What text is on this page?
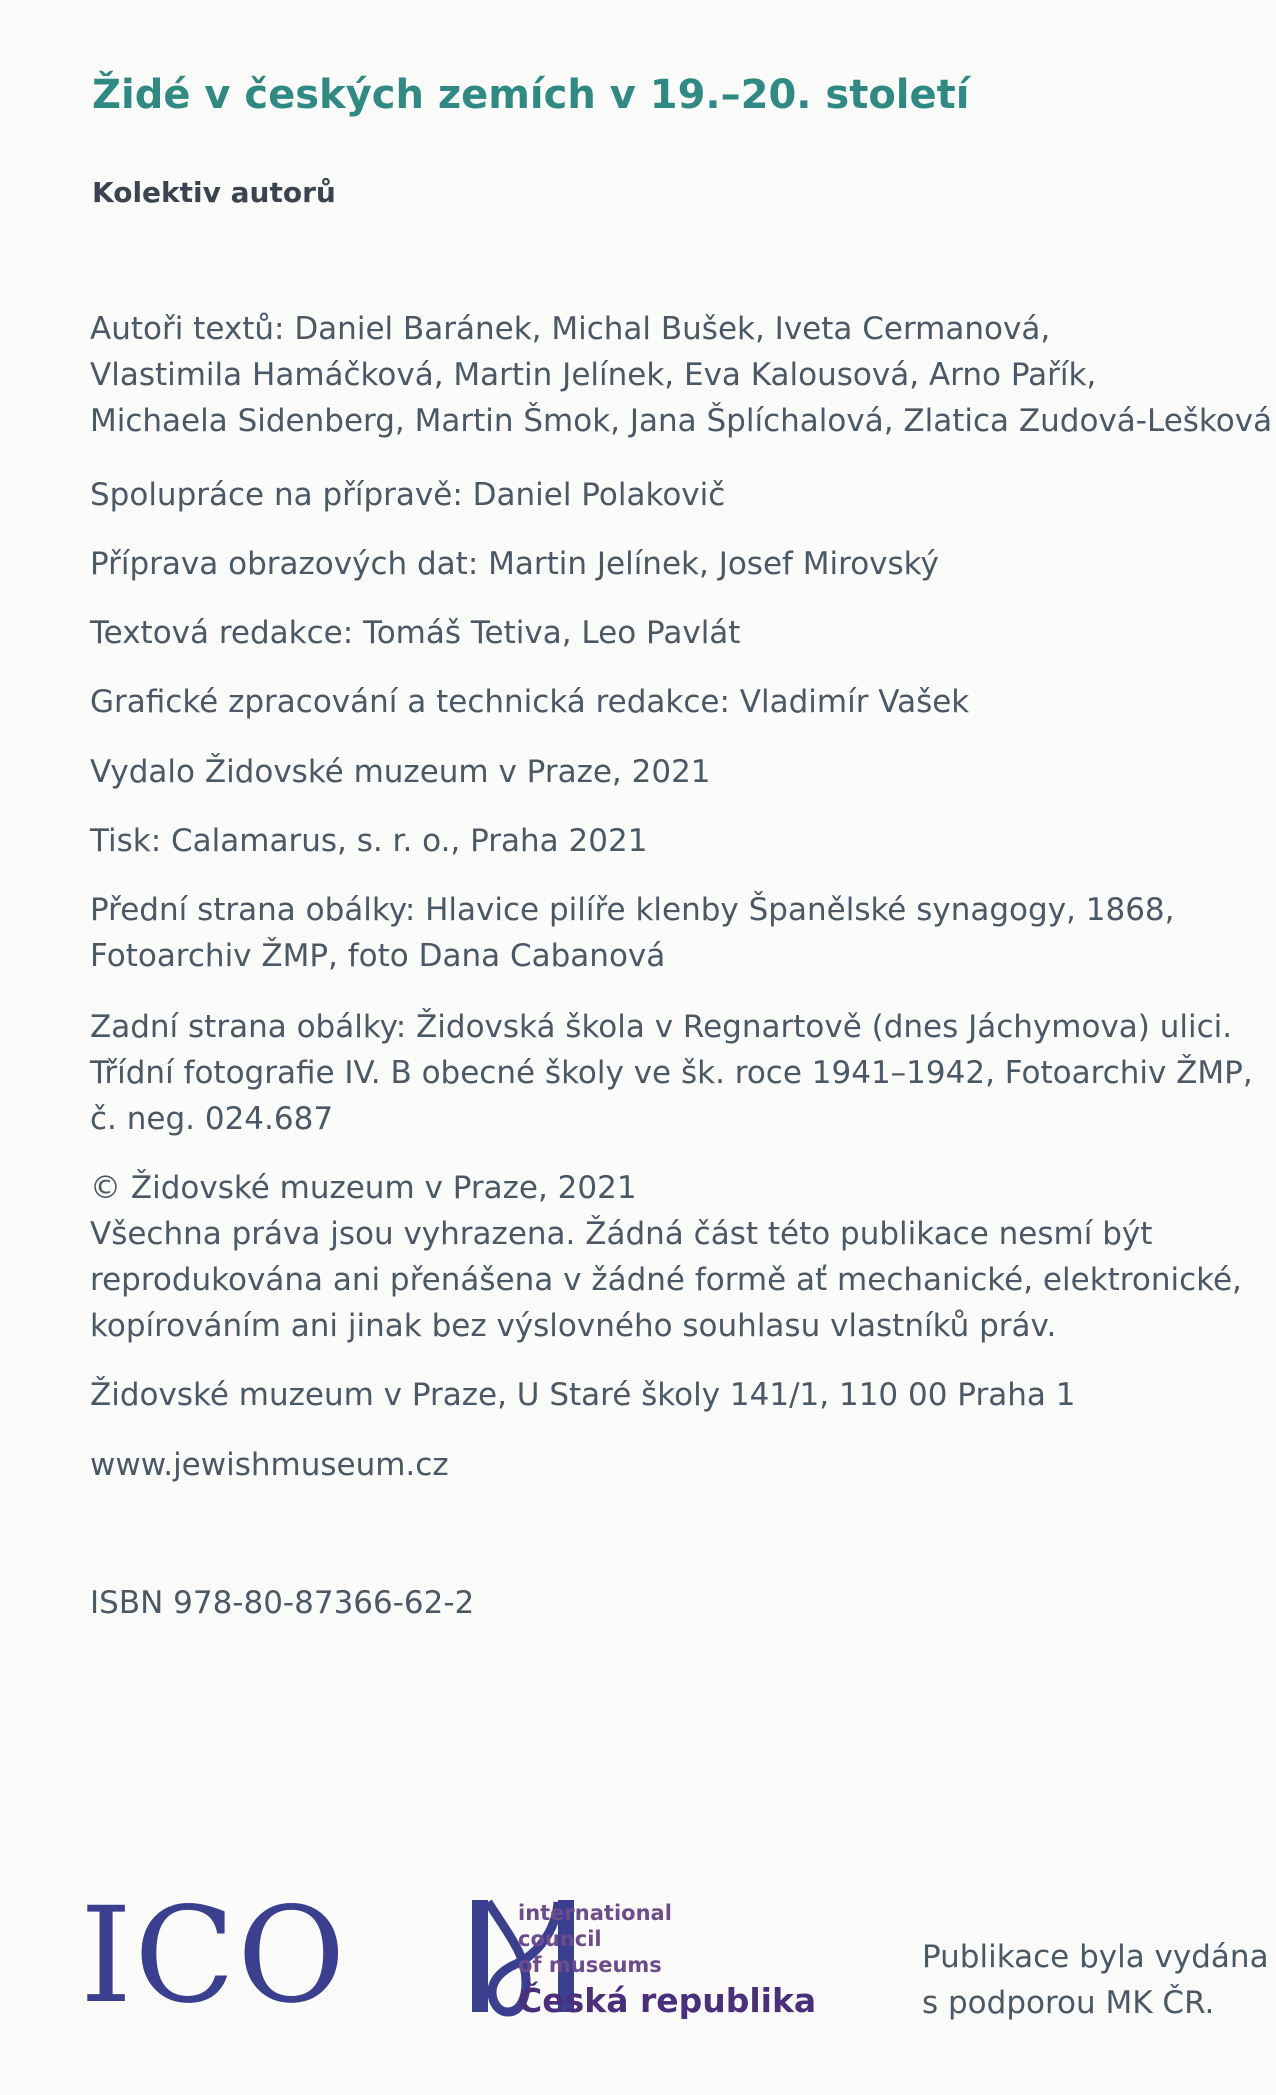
Židé v českých zemích v 19.–20. století
Kolektiv autorů
Autoři textů: Daniel Baránek, Michal Bušek, Iveta Cermanová,
Vlastimila Hamáčková, Martin Jelínek, Eva Kalousová, Arno Pařík,
Michaela Sidenberg, Martin Šmok, Jana Šplíchalová, Zlatica Zudová-Lešková
Spolupráce na přípravě: Daniel Polakovič
Příprava obrazových dat: Martin Jelínek, Josef Mirovský
Textová redakce: Tomáš Tetiva, Leo Pavlát
Grafické zpracování a technická redakce: Vladimír Vašek
Vydalo Židovské muzeum v Praze, 2021
Tisk: Calamarus, s. r. o., Praha 2021
Přední strana obálky: Hlavice pilíře klenby Španělské synagogy, 1868,
Fotoarchiv ŽMP, foto Dana Cabanová
Zadní strana obálky: Židovská škola v Regnartově (dnes Jáchymova) ulici.
Třídní fotografie IV. B obecné školy ve šk. roce 1941–1942, Fotoarchiv ŽMP,
č. neg. 024.687
© Židovské muzeum v Praze, 2021
Všechna práva jsou vyhrazena. Žádná část této publikace nesmí být
reprodukována ani přenášena v žádné formě ať mechanické, elektronické,
kopírováním ani jinak bez výslovného souhlasu vlastníků práv.
Židovské muzeum v Praze, U Staré školy 141/1, 110 00 Praha 1
www.jewishmuseum.cz
ISBN 978-80-87366-62-2
ICO	international
council
of museums
Česká republika
Publikace byla vydána
s podporou MK ČR.
